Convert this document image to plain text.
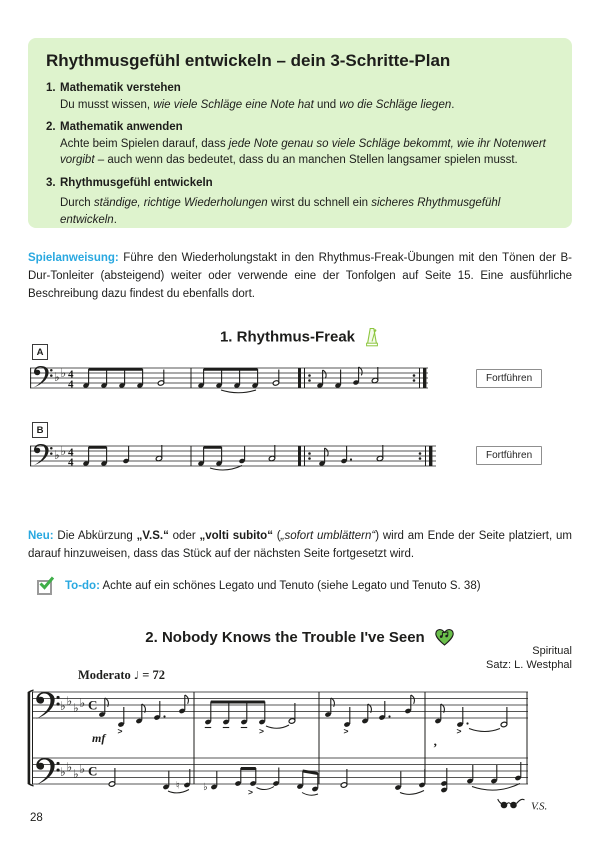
Rhythmusgefühl entwickeln – dein 3-Schritte-Plan

1. Mathematik verstehen

Du musst wissen, wie viele Schläge eine Note hat und wo die Schläge liegen.

2. Mathematik anwenden

Achte beim Spielen darauf, dass jede Note genau so viele Schläge bekommt, wie ihr Notenwert vorgibt – auch wenn das bedeutet, dass du an manchen Stellen langsamer spielen musst.

3. Rhythmusgefühl entwickeln

Durch ständige, richtige Wiederholungen wirst du schnell ein sicheres Rhythmusgefühl entwickeln.

Spielanweisung: Führe den Wiederholungstakt in den Rhythmus-Freak-Übungen mit den Tönen der B-Dur-Tonleiter (absteigend) weiter oder verwende eine der Tonfolgen auf Seite 15. Eine ausführliche Beschreibung dazu findest du ebenfalls dort.

1. Rhythmus-Freak
A
♭ ♭ 4
4	Fortführen
B
♭ ♭ 4
4
Fortführen

Neu: Die Abkürzung „V.S.“ oder „volti subito“ („sofort umblättern“) wird am Ende der Seite platziert, um darauf hinzuweisen, dass das Stück auf der nächsten Seite fortgesetzt wird.

To-do: Achte auf ein schönes Legato und Tenuto (siehe Legato und Tenuto S. 38)

2. Nobody Knows the Trouble I've Seen
Spiritual
Satz: L. Westphal
Moderato ♩ = 72
♭ ♭ ♭ ♭
♭ ♭ ♭ ♭
C
C
>
mf	>	>	>
’
♮ ♭	>
V.S.
28
